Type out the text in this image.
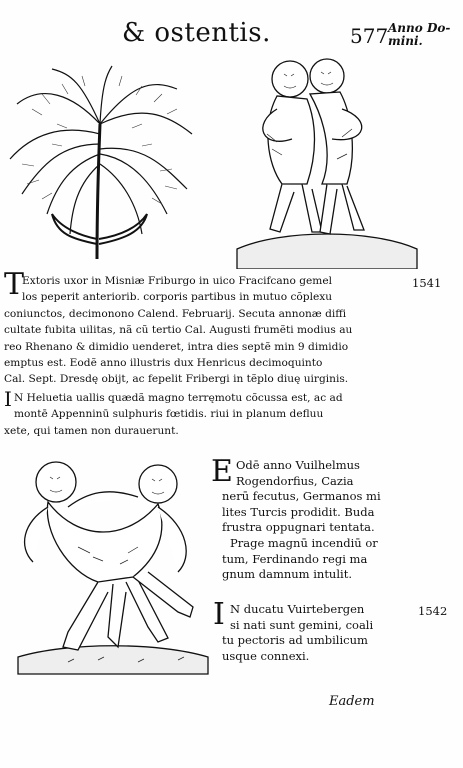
& ostentis.	577 Anno Do-
mini.
T	1541
Extoris uxor in Misniæ Friburgo in uico Fracifcano gemel
los peperit anteriorib. corporis partibus in mutuo cõplexu
coniunctos, decimonono Calend. Februarij. Secuta annonæ diffi
cultate fubita uilitas, nã cũ tertio Cal. Augusti frumẽti modius au
reo Rhenano & dimidio uenderet, intra dies septẽ min 9 dimidio
emptus est. Eodẽ anno illustris dux Henricus decimoquinto
Cal. Sept. Dresdę obijt, ac fepelit Fribergi in tẽplo diuę uirginis.
I N Heluetia uallis quædã magno terręmotu cõcussa est, ac ad
montē Appenninū sulphuris fœtidis. riui in planum defluu
xete, qui tamen non durauerunt.
E Odē anno Vuilhelmus
Rogendorfius, Cazia
nerū fecutus, Germanos mi
lites Turcis prodidit. Buda
frustra oppugnari tentata.
Prage magnū incendiū or
tum, Ferdinando regi ma
gnum damnum intulit.
I	1542
N ducatu Vuirtebergen
si nati sunt gemini, coali
tu pectoris ad umbilicum
usque connexi.
Eadem
